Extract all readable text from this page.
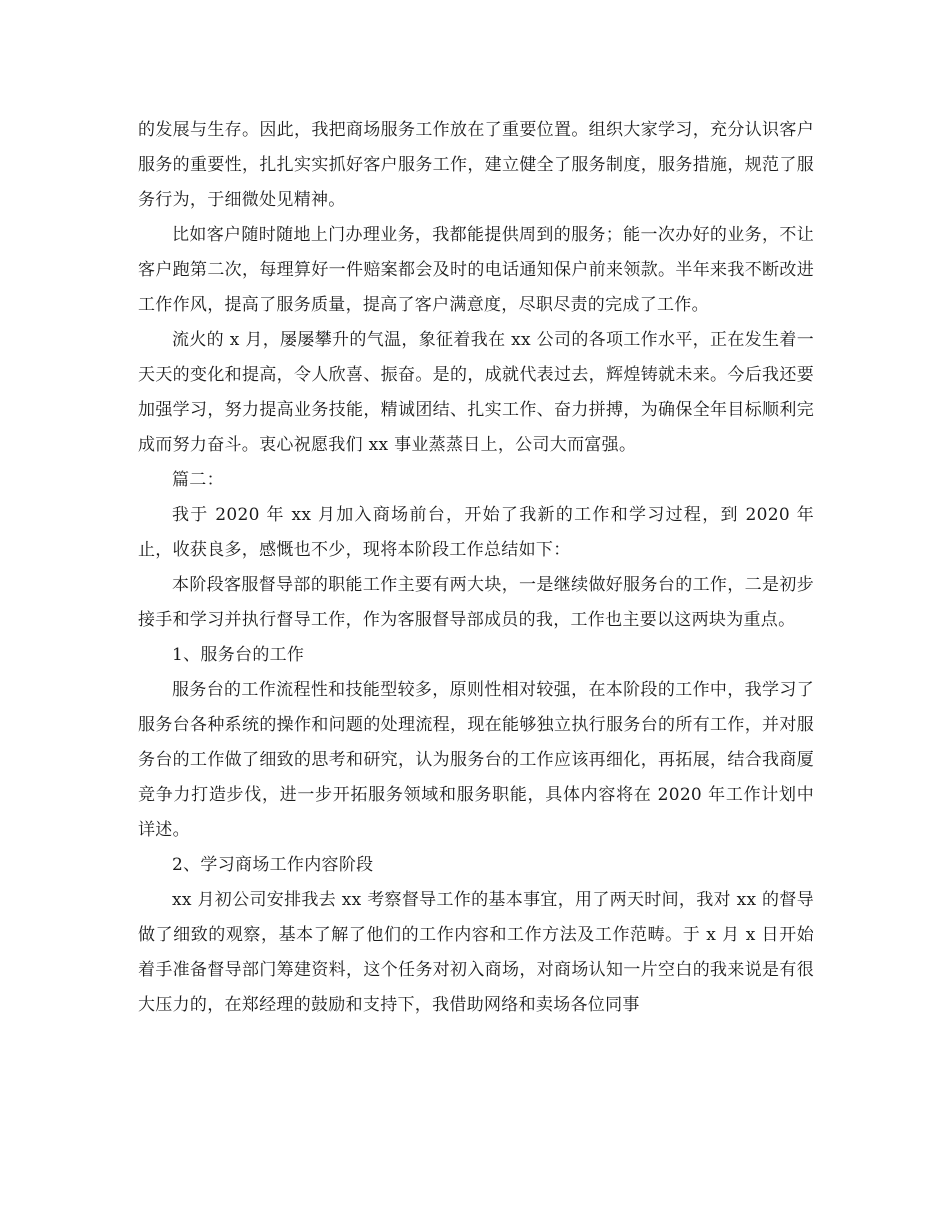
的发展与生存。因此，我把商场服务工作放在了重要位置。组织大家学习，充分认识客户服务的重要性，扎扎实实抓好客户服务工作，建立健全了服务制度，服务措施，规范了服务行为，于细微处见精神。

比如客户随时随地上门办理业务，我都能提供周到的服务；能一次办好的业务，不让客户跑第二次，每理算好一件赔案都会及时的电话通知保户前来领款。半年来我不断改进工作作风，提高了服务质量，提高了客户满意度，尽职尽责的完成了工作。

流火的 x 月，屡屡攀升的气温，象征着我在 xx 公司的各项工作水平，正在发生着一天天的变化和提高，令人欣喜、振奋。是的，成就代表过去，辉煌铸就未来。今后我还要加强学习，努力提高业务技能，精诚团结、扎实工作、奋力拼搏，为确保全年目标顺利完成而努力奋斗。衷心祝愿我们 xx 事业蒸蒸日上，公司大而富强。

篇二：

我于 2020 年 xx 月加入商场前台，开始了我新的工作和学习过程，到 2020 年止，收获良多，感慨也不少，现将本阶段工作总结如下：

本阶段客服督导部的职能工作主要有两大块，一是继续做好服务台的工作，二是初步接手和学习并执行督导工作，作为客服督导部成员的我，工作也主要以这两块为重点。

1、服务台的工作

服务台的工作流程性和技能型较多，原则性相对较强，在本阶段的工作中，我学习了服务台各种系统的操作和问题的处理流程，现在能够独立执行服务台的所有工作，并对服务台的工作做了细致的思考和研究，认为服务台的工作应该再细化，再拓展，结合我商厦竞争力打造步伐，进一步开拓服务领域和服务职能，具体内容将在 2020 年工作计划中详述。

2、学习商场工作内容阶段

xx 月初公司安排我去 xx 考察督导工作的基本事宜，用了两天时间，我对 xx 的督导做了细致的观察，基本了解了他们的工作内容和工作方法及工作范畴。于 x 月 x 日开始着手准备督导部门筹建资料，这个任务对初入商场，对商场认知一片空白的我来说是有很大压力的，在郑经理的鼓励和支持下，我借助网络和卖场各位同事
